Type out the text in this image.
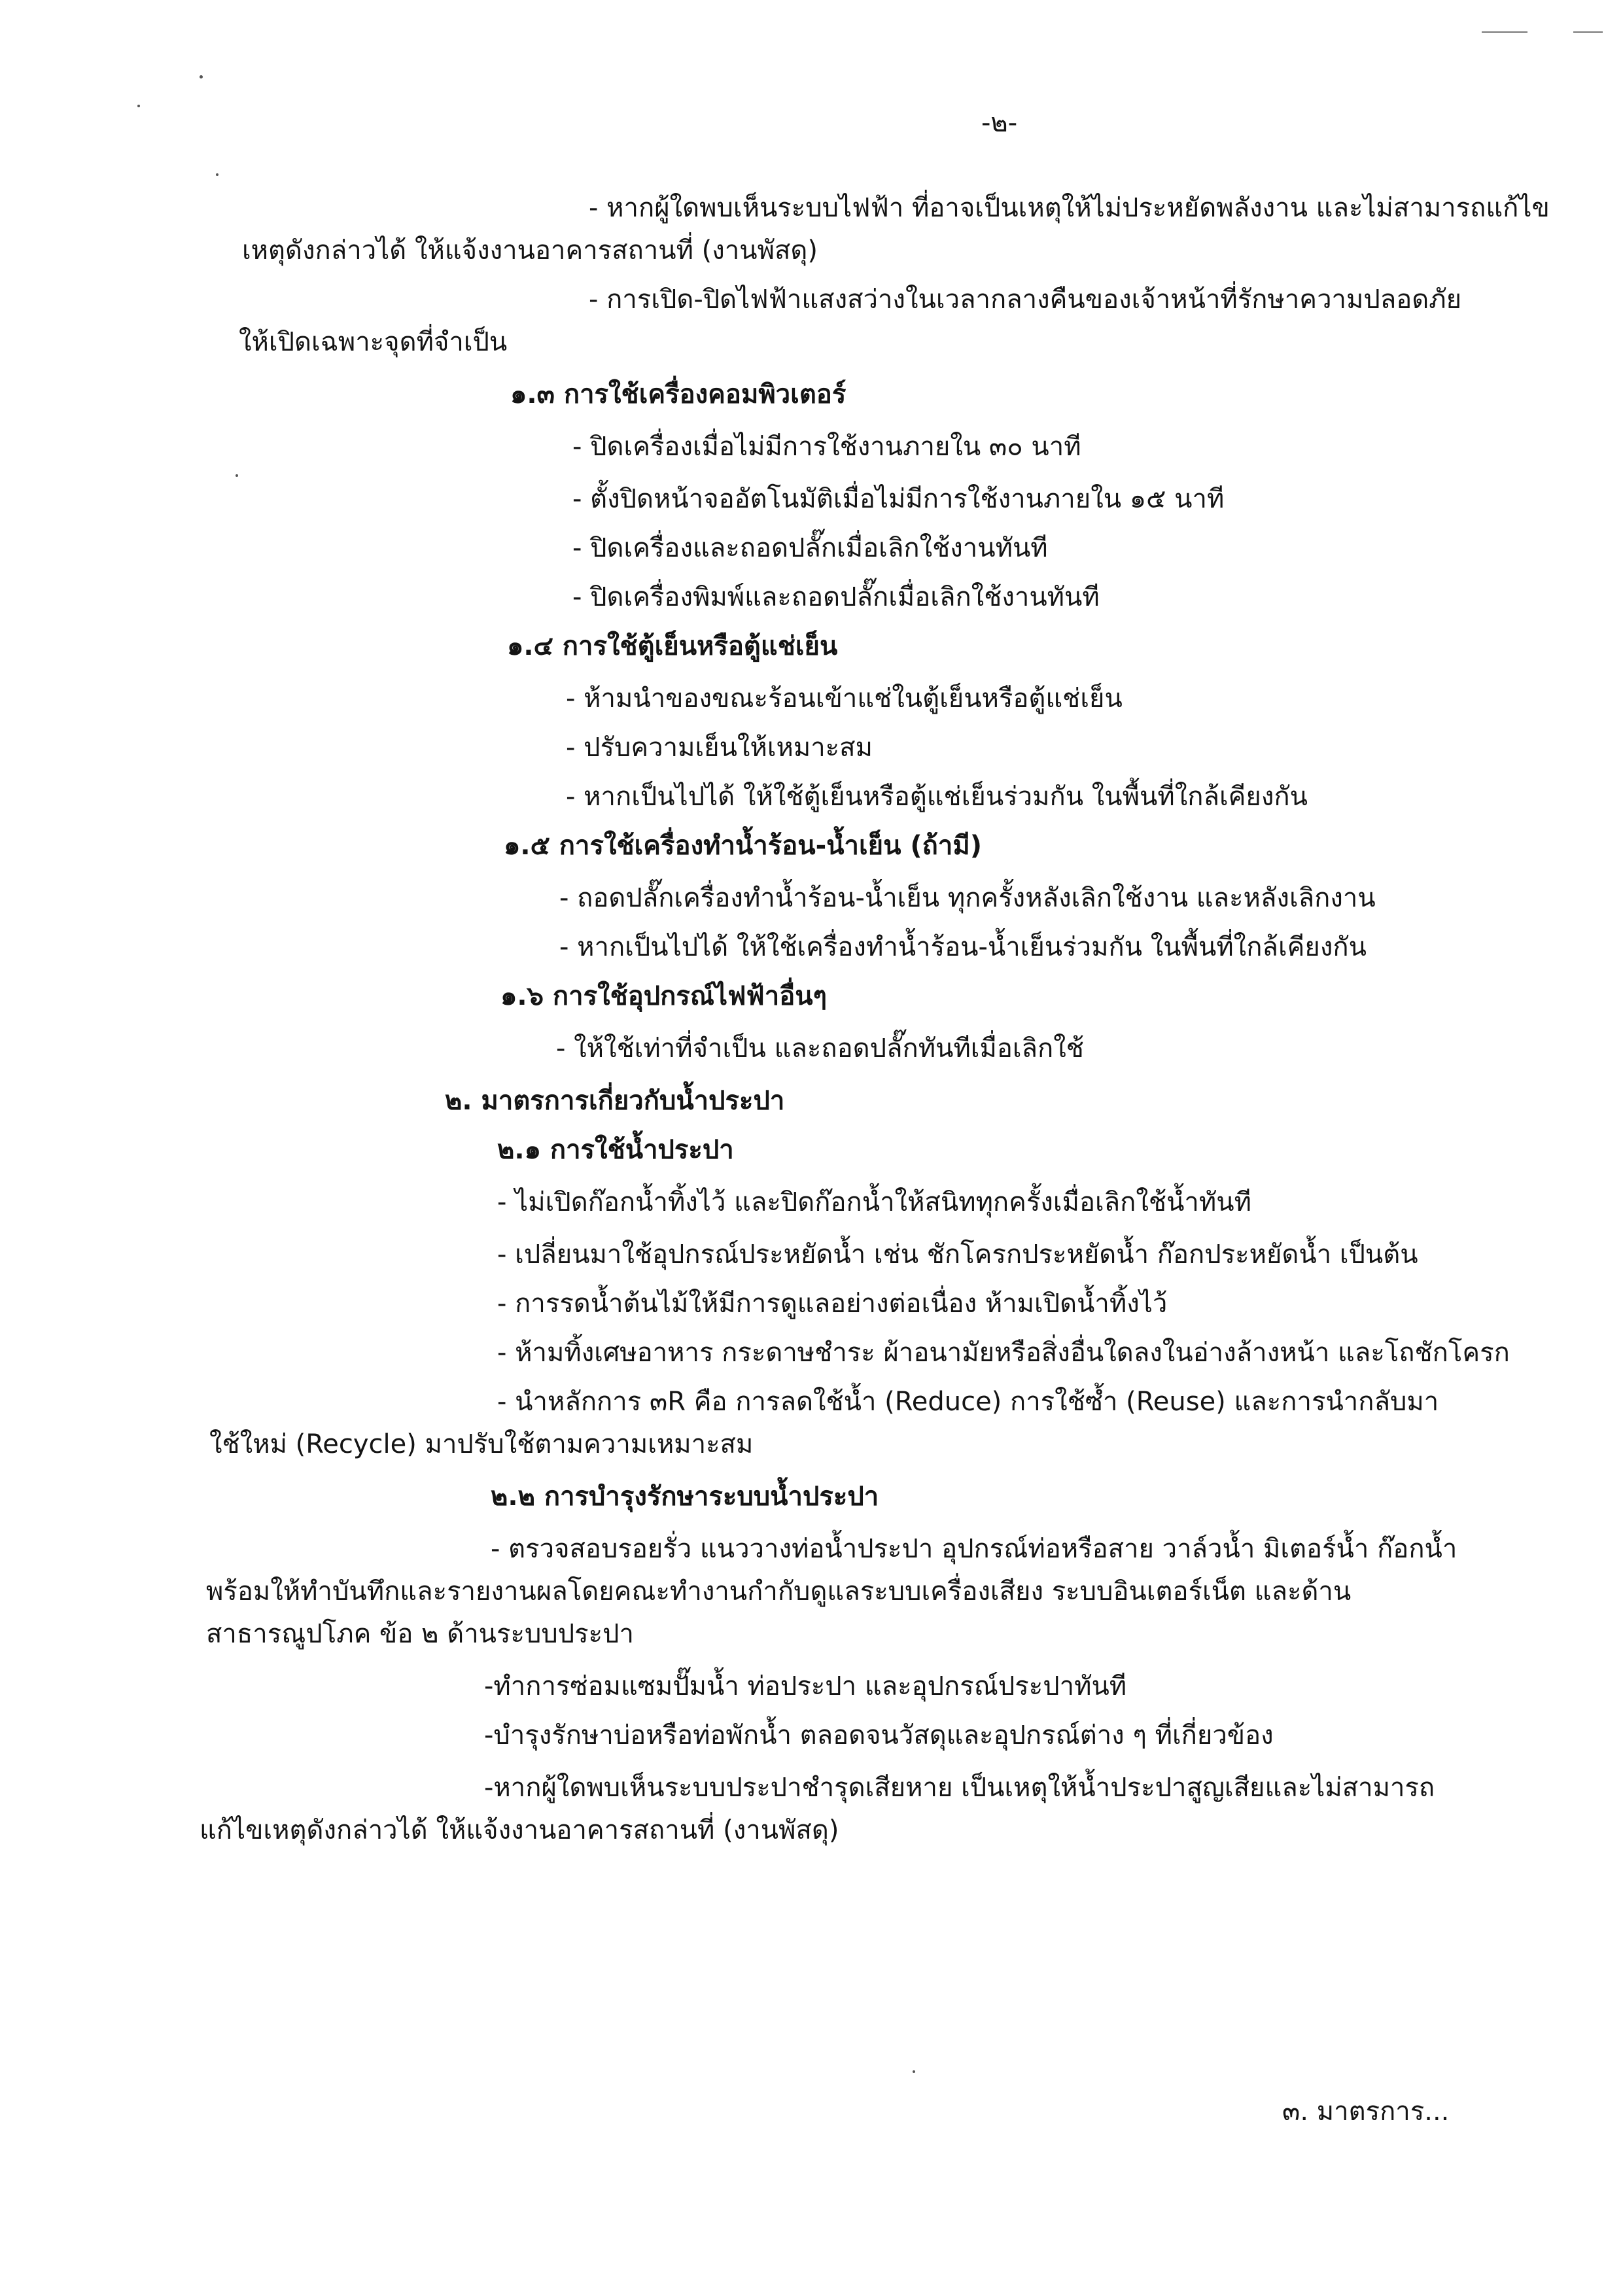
-๒-
- หากผู้ใดพบเห็นระบบไฟฟ้า ที่อาจเป็นเหตุให้ไม่ประหยัดพลังงาน และไม่สามารถแก้ไข
เหตุดังกล่าวได้ ให้แจ้งงานอาคารสถานที่ (งานพัสดุ)
- การเปิด-ปิดไฟฟ้าแสงสว่างในเวลากลางคืนของเจ้าหน้าที่รักษาความปลอดภัย
ให้เปิดเฉพาะจุดที่จำเป็น
๑.๓ การใช้เครื่องคอมพิวเตอร์
- ปิดเครื่องเมื่อไม่มีการใช้งานภายใน ๓๐ นาที
- ตั้งปิดหน้าจออัตโนมัติเมื่อไม่มีการใช้งานภายใน ๑๕ นาที
- ปิดเครื่องและถอดปลั๊กเมื่อเลิกใช้งานทันที
- ปิดเครื่องพิมพ์และถอดปลั๊กเมื่อเลิกใช้งานทันที
๑.๔ การใช้ตู้เย็นหรือตู้แช่เย็น
- ห้ามนำของขณะร้อนเข้าแช่ในตู้เย็นหรือตู้แช่เย็น
- ปรับความเย็นให้เหมาะสม
- หากเป็นไปได้ ให้ใช้ตู้เย็นหรือตู้แช่เย็นร่วมกัน ในพื้นที่ใกล้เคียงกัน
๑.๕ การใช้เครื่องทำน้ำร้อน-น้ำเย็น (ถ้ามี)
- ถอดปลั๊กเครื่องทำน้ำร้อน-น้ำเย็น ทุกครั้งหลังเลิกใช้งาน และหลังเลิกงาน
- หากเป็นไปได้ ให้ใช้เครื่องทำน้ำร้อน-น้ำเย็นร่วมกัน ในพื้นที่ใกล้เคียงกัน
๑.๖ การใช้อุปกรณ์ไฟฟ้าอื่นๆ
- ให้ใช้เท่าที่จำเป็น และถอดปลั๊กทันทีเมื่อเลิกใช้
๒. มาตรการเกี่ยวกับน้ำประปา
๒.๑ การใช้น้ำประปา
- ไม่เปิดก๊อกน้ำทิ้งไว้ และปิดก๊อกน้ำให้สนิททุกครั้งเมื่อเลิกใช้น้ำทันที
- เปลี่ยนมาใช้อุปกรณ์ประหยัดน้ำ เช่น ชักโครกประหยัดน้ำ ก๊อกประหยัดน้ำ เป็นต้น
- การรดน้ำต้นไม้ให้มีการดูแลอย่างต่อเนื่อง ห้ามเปิดน้ำทิ้งไว้
- ห้ามทิ้งเศษอาหาร กระดาษชำระ ผ้าอนามัยหรือสิ่งอื่นใดลงในอ่างล้างหน้า และโถชักโครก
- นำหลักการ ๓R คือ การลดใช้น้ำ (Reduce) การใช้ซ้ำ (Reuse) และการนำกลับมา
ใช้ใหม่ (Recycle) มาปรับใช้ตามความเหมาะสม
๒.๒ การบำรุงรักษาระบบน้ำประปา
- ตรวจสอบรอยรั่ว แนววางท่อน้ำประปา อุปกรณ์ท่อหรือสาย วาล์วน้ำ มิเตอร์น้ำ ก๊อกน้ำ
พร้อมให้ทำบันทึกและรายงานผลโดยคณะทำงานกำกับดูแลระบบเครื่องเสียง ระบบอินเตอร์เน็ต และด้าน
สาธารณูปโภค ข้อ ๒ ด้านระบบประปา
-ทำการซ่อมแซมปั๊มน้ำ ท่อประปา และอุปกรณ์ประปาทันที
-บำรุงรักษาบ่อหรือท่อพักน้ำ ตลอดจนวัสดุและอุปกรณ์ต่าง ๆ ที่เกี่ยวข้อง
-หากผู้ใดพบเห็นระบบประปาชำรุดเสียหาย เป็นเหตุให้น้ำประปาสูญเสียและไม่สามารถ
แก้ไขเหตุดังกล่าวได้ ให้แจ้งงานอาคารสถานที่ (งานพัสดุ)
๓. มาตรการ...
